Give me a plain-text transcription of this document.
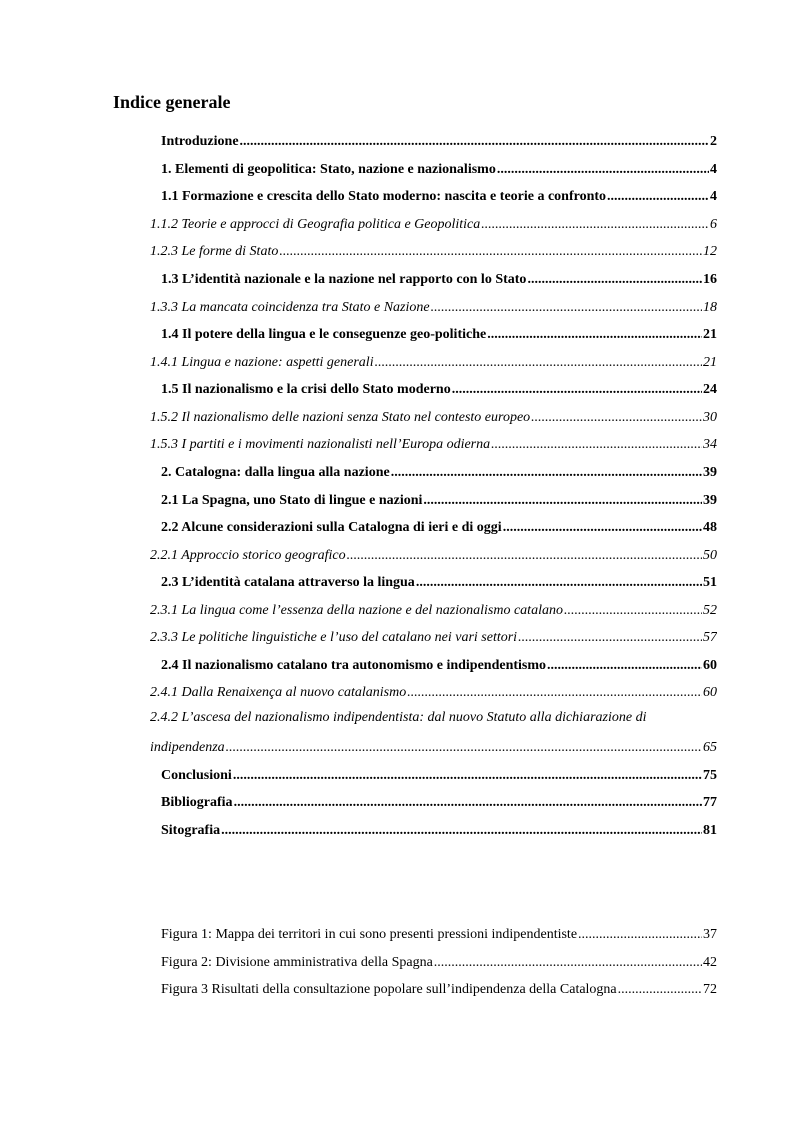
Indice generale
Introduzione .....	2
1. Elementi di geopolitica: Stato, nazione e nazionalismo .....	4
1.1 Formazione e crescita dello Stato moderno: nascita e teorie a confronto .....	4
1.1.2 Teorie e approcci di Geografia politica e Geopolitica .....	6
1.2.3 Le forme di Stato .....	12
1.3 L’identità nazionale e la nazione nel rapporto con lo Stato .....	16
1.3.3 La mancata coincidenza tra Stato e Nazione .....	18
1.4 Il potere della lingua e le conseguenze geo-politiche .....	21
1.4.1 Lingua e nazione: aspetti generali .....	21
1.5 Il nazionalismo e la crisi dello Stato moderno .....	24
1.5.2 Il nazionalismo delle nazioni senza Stato nel contesto europeo .....	30
1.5.3 I partiti e i movimenti nazionalisti nell’Europa odierna .....	34
2. Catalogna: dalla lingua alla nazione .....	39
2.1 La Spagna, uno Stato di lingue e nazioni .....	39
2.2 Alcune considerazioni sulla Catalogna di ieri e di oggi .....	48
2.2.1 Approccio storico geografico .....	50
2.3 L’identità catalana attraverso la lingua .....	51
2.3.1 La lingua come l’essenza della nazione e del nazionalismo catalano .....	52
2.3.3 Le politiche linguistiche e l’uso del catalano nei vari settori .....	57
2.4 Il nazionalismo catalano tra autonomismo e indipendentismo .....	60
2.4.1 Dalla Renaixença al nuovo catalanismo .....	60
2.4.2 L’ascesa del nazionalismo indipendentista: dal nuovo Statuto alla dichiarazione di
indipendenza .....	65
Conclusioni .....	75
Bibliografia .....	77
Sitografia .....	81
Figura 1: Mappa dei territori in cui sono presenti pressioni indipendentiste .....	37
Figura 2: Divisione amministrativa della Spagna .....	42
Figura 3 Risultati della consultazione popolare sull’indipendenza della Catalogna .....	72
